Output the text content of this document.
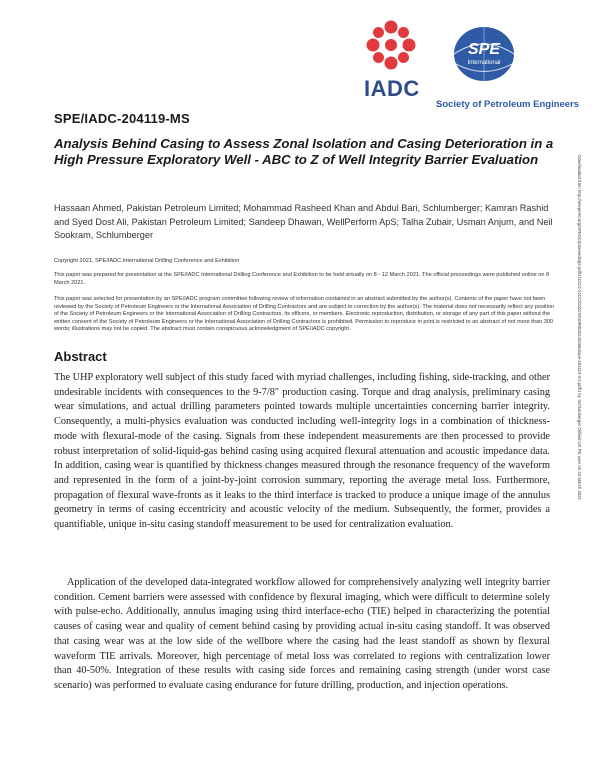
IADC
SPE
International
Society of Petroleum Engineers
SPE/IADC-204119-MS
Analysis Behind Casing to Assess Zonal Isolation and Casing Deterioration in a High Pressure Exploratory Well - ABC to Z of Well Integrity Barrier Evaluation

Hassaan Ahmed, Pakistan Petroleum Limited; Mohammad Rasheed Khan and Abdul Bari, Schlumberger; Kamran Rashid and Syed Dost Ali, Pakistan Petroleum Limited; Sandeep Dhawan, WellPerform ApS; Talha Zubair, Usman Anjum, and Neil Sookram, Schlumberger

Copyright 2021, SPE/IADC International Drilling Conference and Exhibition

This paper was prepared for presentation at the SPE/IADC International Drilling Conference and Exhibition to be held virtually on 8 - 12 March 2021. The official proceedings were published online on 8 March 2021.

This paper was selected for presentation by an SPE/IADC program committee following review of information contained in an abstract submitted by the author(s). Contents of the paper have not been reviewed by the Society of Petroleum Engineers or the International Association of Drilling Contractors and are subject to correction by the author(s). The material does not necessarily reflect any position of the Society of Petroleum Engineers or the International Association of Drilling Contractors, its officers, or members. Electronic reproduction, distribution, or storage of any part of this paper without the written consent of the Society of Petroleum Engineers or the International Association of Drilling Contractors is prohibited. Permission to reproduce in print is restricted to an abstract of not more than 300 words; illustrations may not be copied. The abstract must contain conspicuous acknowledgment of SPE/IADC copyright.

Abstract

The UHP exploratory well subject of this study faced with myriad challenges, including fishing, side-tracking, and other undesirable incidents with consequences to the 9-7/8" production casing. Torque and drag analysis, preliminary casing wear simulations, and actual drilling parameters pointed towards multiple uncertainties concerning barrier integrity. Consequently, a multi-physics evaluation was conducted including well-integrity logs in a combination of thickness-mode with flexural-mode of the casing. Signals from these independent measurements are then processed to provide robust interpretation of solid-liquid-gas behind casing using acquired flexural attenuation and acoustic impedance data. In addition, casing wear is quantified by thickness changes measured through the resonance frequency of the waveform and represented in the form of a joint-by-joint corrosion summary, reporting the average metal loss. Furthermore, propagation of flexural wave-fronts as it leaks to the third interface is tracked to produce a unique image of the annulus geometry in terms of casing eccentricity and acoustic velocity of the medium. Subsequently, the former, provides a quantifiable, unique in-situ casing standoff measurement to be used for centralization evaluation.

Application of the developed data-integrated workflow allowed for comprehensively analyzing well integrity barrier condition. Cement barriers were assessed with confidence by flexural imaging, which were difficult to determine solely with pulse-echo. Additionally, annulus imaging using third interface-echo (TIE) helped in characterizing the potential causes of casing wear and quality of cement behind casing by providing actual in-situ casing standoff. It was observed that casing wear was at the low side of the wellbore where the casing had the least standoff as shown by flexural waveform TIE arrivals. Moreover, high percentage of metal loss was correlated to regions with centralization lower than 40-50%. Integration of these results with casing side forces and remaining casing strength (under worst case scenario) was performed to evaluate casing endurance for future drilling, production, and injection operations.

Downloaded from http://onepetro.org/SPEDC/proceedings-pdf/21DC/2-21DC/D022S010R003/2420684/spe-204119-ms.pdf/1 by Schlumberger Oilfield UK Plc user on 23 March 2021
